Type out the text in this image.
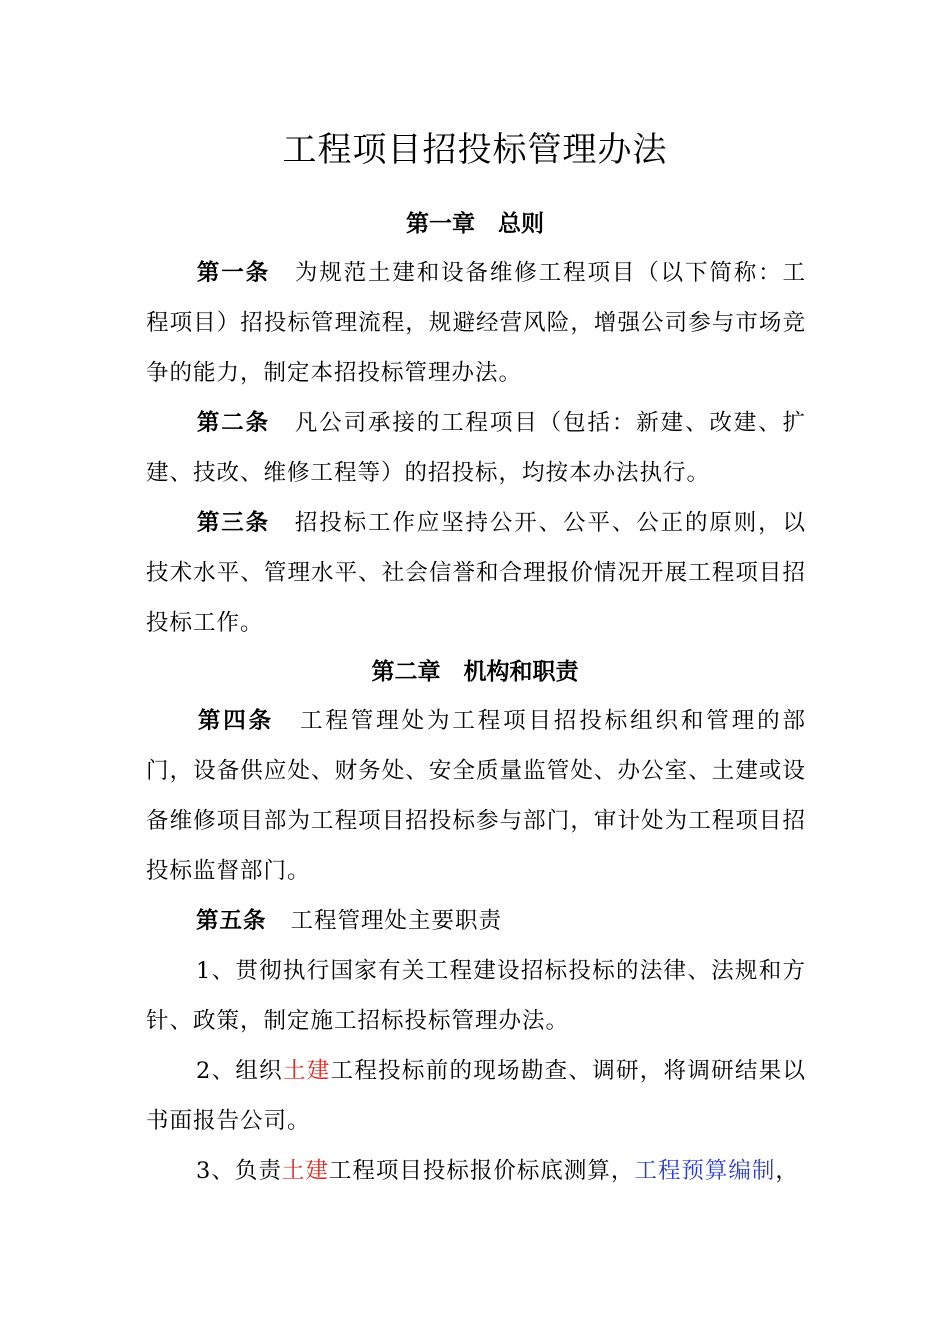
工程项目招投标管理办法
第一章　总则
第一条 为规范土建和设备维修工程项目（以下简称：工程项目）招投标管理流程，规避经营风险，增强公司参与市场竞争的能力，制定本招投标管理办法。
第二条 凡公司承接的工程项目（包括：新建、改建、扩建、技改、维修工程等）的招投标，均按本办法执行。
第三条 招投标工作应坚持公开、公平、公正的原则，以技术水平、管理水平、社会信誉和合理报价情况开展工程项目招投标工作。
第二章　机构和职责
第四条 工程管理处为工程项目招投标组织和管理的部门，设备供应处、财务处、安全质量监管处、办公室、土建或设备维修项目部为工程项目招投标参与部门，审计处为工程项目招投标监督部门。
第五条 工程管理处主要职责
1、贯彻执行国家有关工程建设招标投标的法律、法规和方针、政策，制定施工招标投标管理办法。
2、组织土建工程投标前的现场勘查、调研，将调研结果以书面报告公司。
3、负责土建工程项目投标报价标底测算，工程预算编制，
